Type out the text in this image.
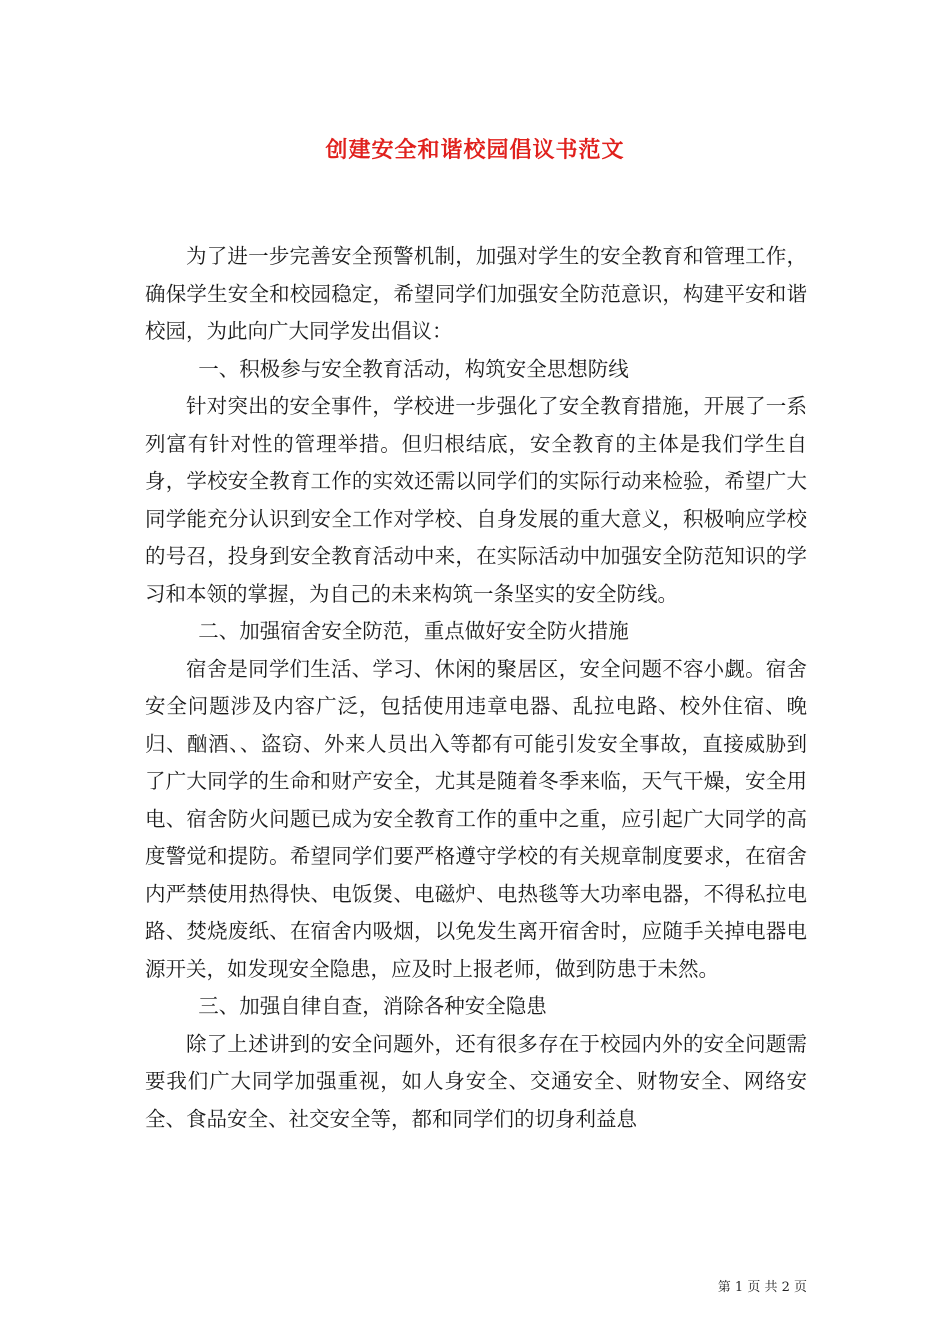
创建安全和谐校园倡议书范文

为了进一步完善安全预警机制，加强对学生的安全教育和管理工作，确保学生安全和校园稳定，希望同学们加强安全防范意识，构建平安和谐校园，为此向广大同学发出倡议：

一、积极参与安全教育活动，构筑安全思想防线

针对突出的安全事件，学校进一步强化了安全教育措施，开展了一系列富有针对性的管理举措。但归根结底，安全教育的主体是我们学生自身，学校安全教育工作的实效还需以同学们的实际行动来检验，希望广大同学能充分认识到安全工作对学校、自身发展的重大意义，积极响应学校的号召，投身到安全教育活动中来，在实际活动中加强安全防范知识的学习和本领的掌握，为自己的未来构筑一条坚实的安全防线。

二、加强宿舍安全防范，重点做好安全防火措施

宿舍是同学们生活、学习、休闲的聚居区，安全问题不容小觑。宿舍安全问题涉及内容广泛，包括使用违章电器、乱拉电路、校外住宿、晚归、酗酒、、盗窃、外来人员出入等都有可能引发安全事故，直接威胁到了广大同学的生命和财产安全，尤其是随着冬季来临，天气干燥，安全用电、宿舍防火问题已成为安全教育工作的重中之重，应引起广大同学的高度警觉和提防。希望同学们要严格遵守学校的有关规章制度要求，在宿舍内严禁使用热得快、电饭煲、电磁炉、电热毯等大功率电器，不得私拉电路、焚烧废纸、在宿舍内吸烟，以免发生离开宿舍时，应随手关掉电器电源开关，如发现安全隐患，应及时上报老师，做到防患于未然。

三、加强自律自查，消除各种安全隐患

除了上述讲到的安全问题外，还有很多存在于校园内外的安全问题需要我们广大同学加强重视，如人身安全、交通安全、财物安全、网络安全、食品安全、社交安全等，都和同学们的切身利益息

第 1 页 共 2 页
